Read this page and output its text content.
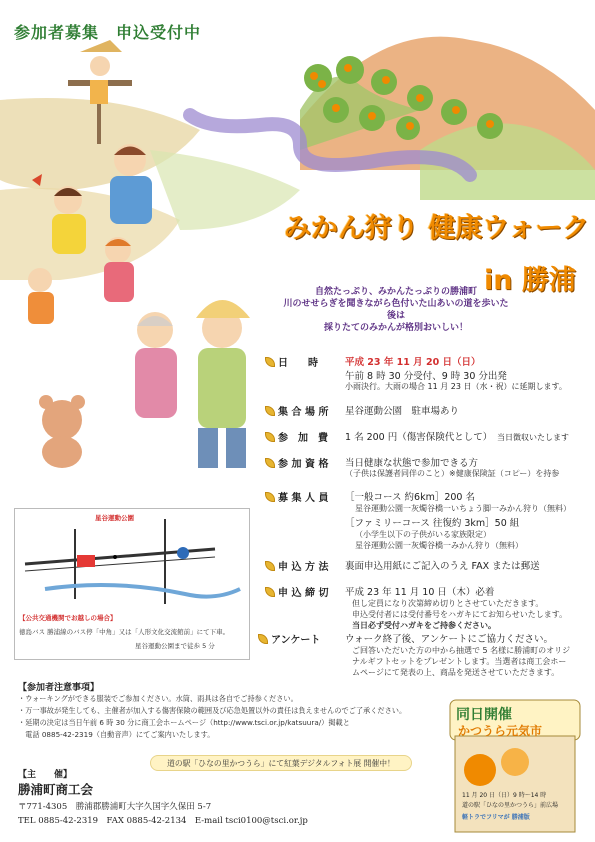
参加者募集　申込受付中
みかん狩り 健康ウォーク
in 勝浦
自然たっぷり、みかんたっぷりの勝浦町
川のせせらぎを聞きながら色付いた山あいの道を歩いた後は
採りたてのみかんが格別おいしい！
日　　時	平成 23 年 11 月 20 日（日）
午前 8 時 30 分受付、9 時 30 分出発
小雨決行。大雨の場合 11 月 23 日（水・祝）に延期します。
集 合 場 所 星谷運動公園　駐車場あり
参　加　費 1 名 200 円（傷害保険代として）　 当日徴収いたします
参 加 資 格 当日健康な状態で参加できる方
（子供は保護者同伴のこと）※健康保険証（コピー）を持参
募 集 人 員 ［一般コース 約6km］200 名
星谷運動公園一灰燭谷橋一いちょう脚一みかん狩り（無料）
［ファミリーコース 往復約 3km］50 組
（小学生以下の子供がいる家族限定）
星谷運動公園一灰燭谷橋一みかん狩り（無料）
申 込 方 法 裏面申込用紙にご記入のうえ FAX または郵送
申 込 締 切 平成 23 年 11 月 10 日（木）必着
但し定員になり次第締め切りとさせていただきます。
申込受付者には受付番号をハガキにてお知らせいたします。
当日必ず受付ハガキをご持参ください。
アンケート	ウォーク終了後、アンケートにご協力ください。
ご回答いただいた方の中から抽選で 5 名様に勝浦町のオリジ
ナルギフトセットをプレゼントします。当選者は商工会ホー
ムページにて発表の上、商品を発送させていただきます。
星谷運動公園
【公共交通機関でお越しの場合】
徳島バス 勝浦線のバス停「中角」又は「人形文化交流館前」にて下車。
星谷運動公園まで徒歩 5 分
【参加者注意事項】
・ウォーキングができる服装でご参加ください。水筒、雨具は各自でご持参ください。
・万一事故が発生しても、主催者が加入する傷害保険の範囲及び応急処置以外の責任は負えませんのでご了承ください。
・延期の決定は当日午前 6 時 30 分に商工会ホームページ（http://www.tsci.or.jp/katsuura/）掲載と
　電話 0885-42-2319（自動音声）にてご案内いたします。
道の駅「ひなの里かつうら」にて紅葉デジタルフォト展 開催中！
【主　　催】
勝浦町商工会
〒771-4305　勝浦郡勝浦町大字久国字久保田 5-7
TEL 0885-42-2319　FAX 0885-42-2134　E-mail tsci0100@tsci.or.jp
同日開催
かつうら元気市
11 月 20 日（日）9 時〜14 時
道の駅「ひなの里かつうら」前広場
軽トラでフリマが 勝浦版
